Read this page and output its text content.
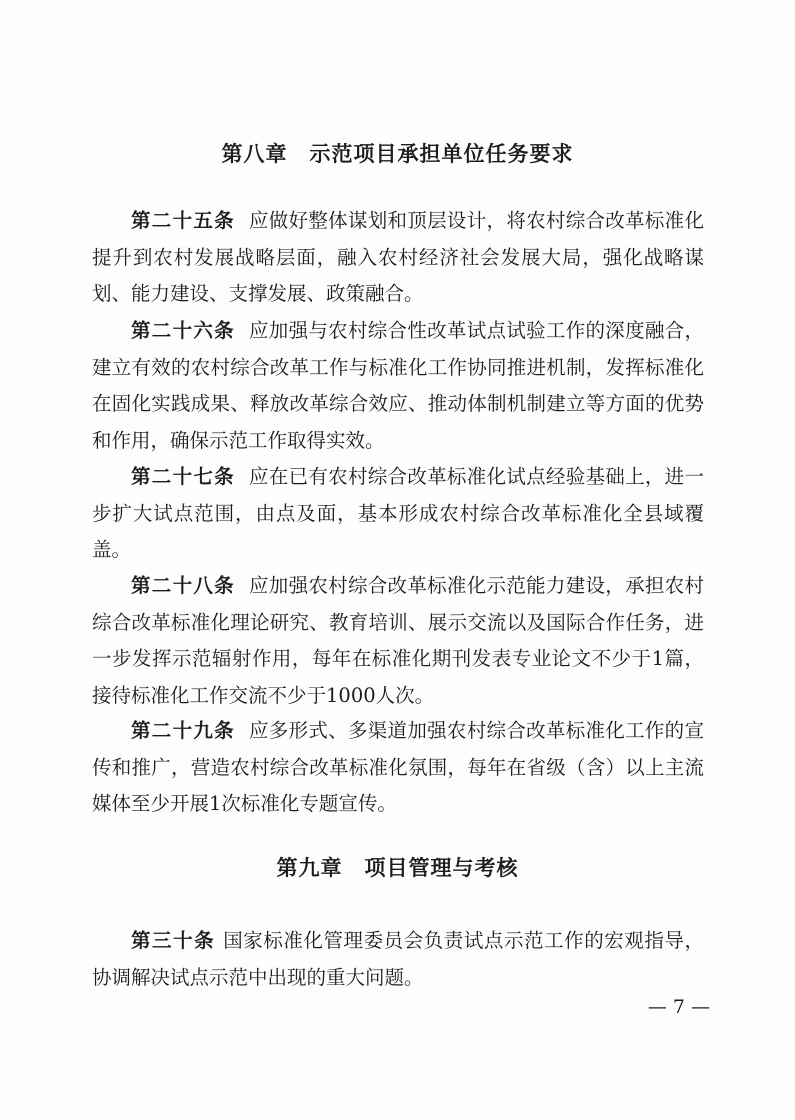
第八章　示范项目承担单位任务要求

第二十五条 应做好整体谋划和顶层设计，将农村综合改革标准化提升到农村发展战略层面，融入农村经济社会发展大局，强化战略谋划、能力建设、支撑发展、政策融合。

第二十六条 应加强与农村综合性改革试点试验工作的深度融合，建立有效的农村综合改革工作与标准化工作协同推进机制，发挥标准化在固化实践成果、释放改革综合效应、推动体制机制建立等方面的优势和作用，确保示范工作取得实效。

第二十七条 应在已有农村综合改革标准化试点经验基础上，进一步扩大试点范围，由点及面，基本形成农村综合改革标准化全县域覆盖。

第二十八条 应加强农村综合改革标准化示范能力建设，承担农村综合改革标准化理论研究、教育培训、展示交流以及国际合作任务，进一步发挥示范辐射作用，每年在标准化期刊发表专业论文不少于1篇，接待标准化工作交流不少于1000人次。

第二十九条 应多形式、多渠道加强农村综合改革标准化工作的宣传和推广，营造农村综合改革标准化氛围，每年在省级（含）以上主流媒体至少开展1次标准化专题宣传。

第九章　项目管理与考核

第三十条 国家标准化管理委员会负责试点示范工作的宏观指导，协调解决试点示范中出现的重大问题。

— 7 —
